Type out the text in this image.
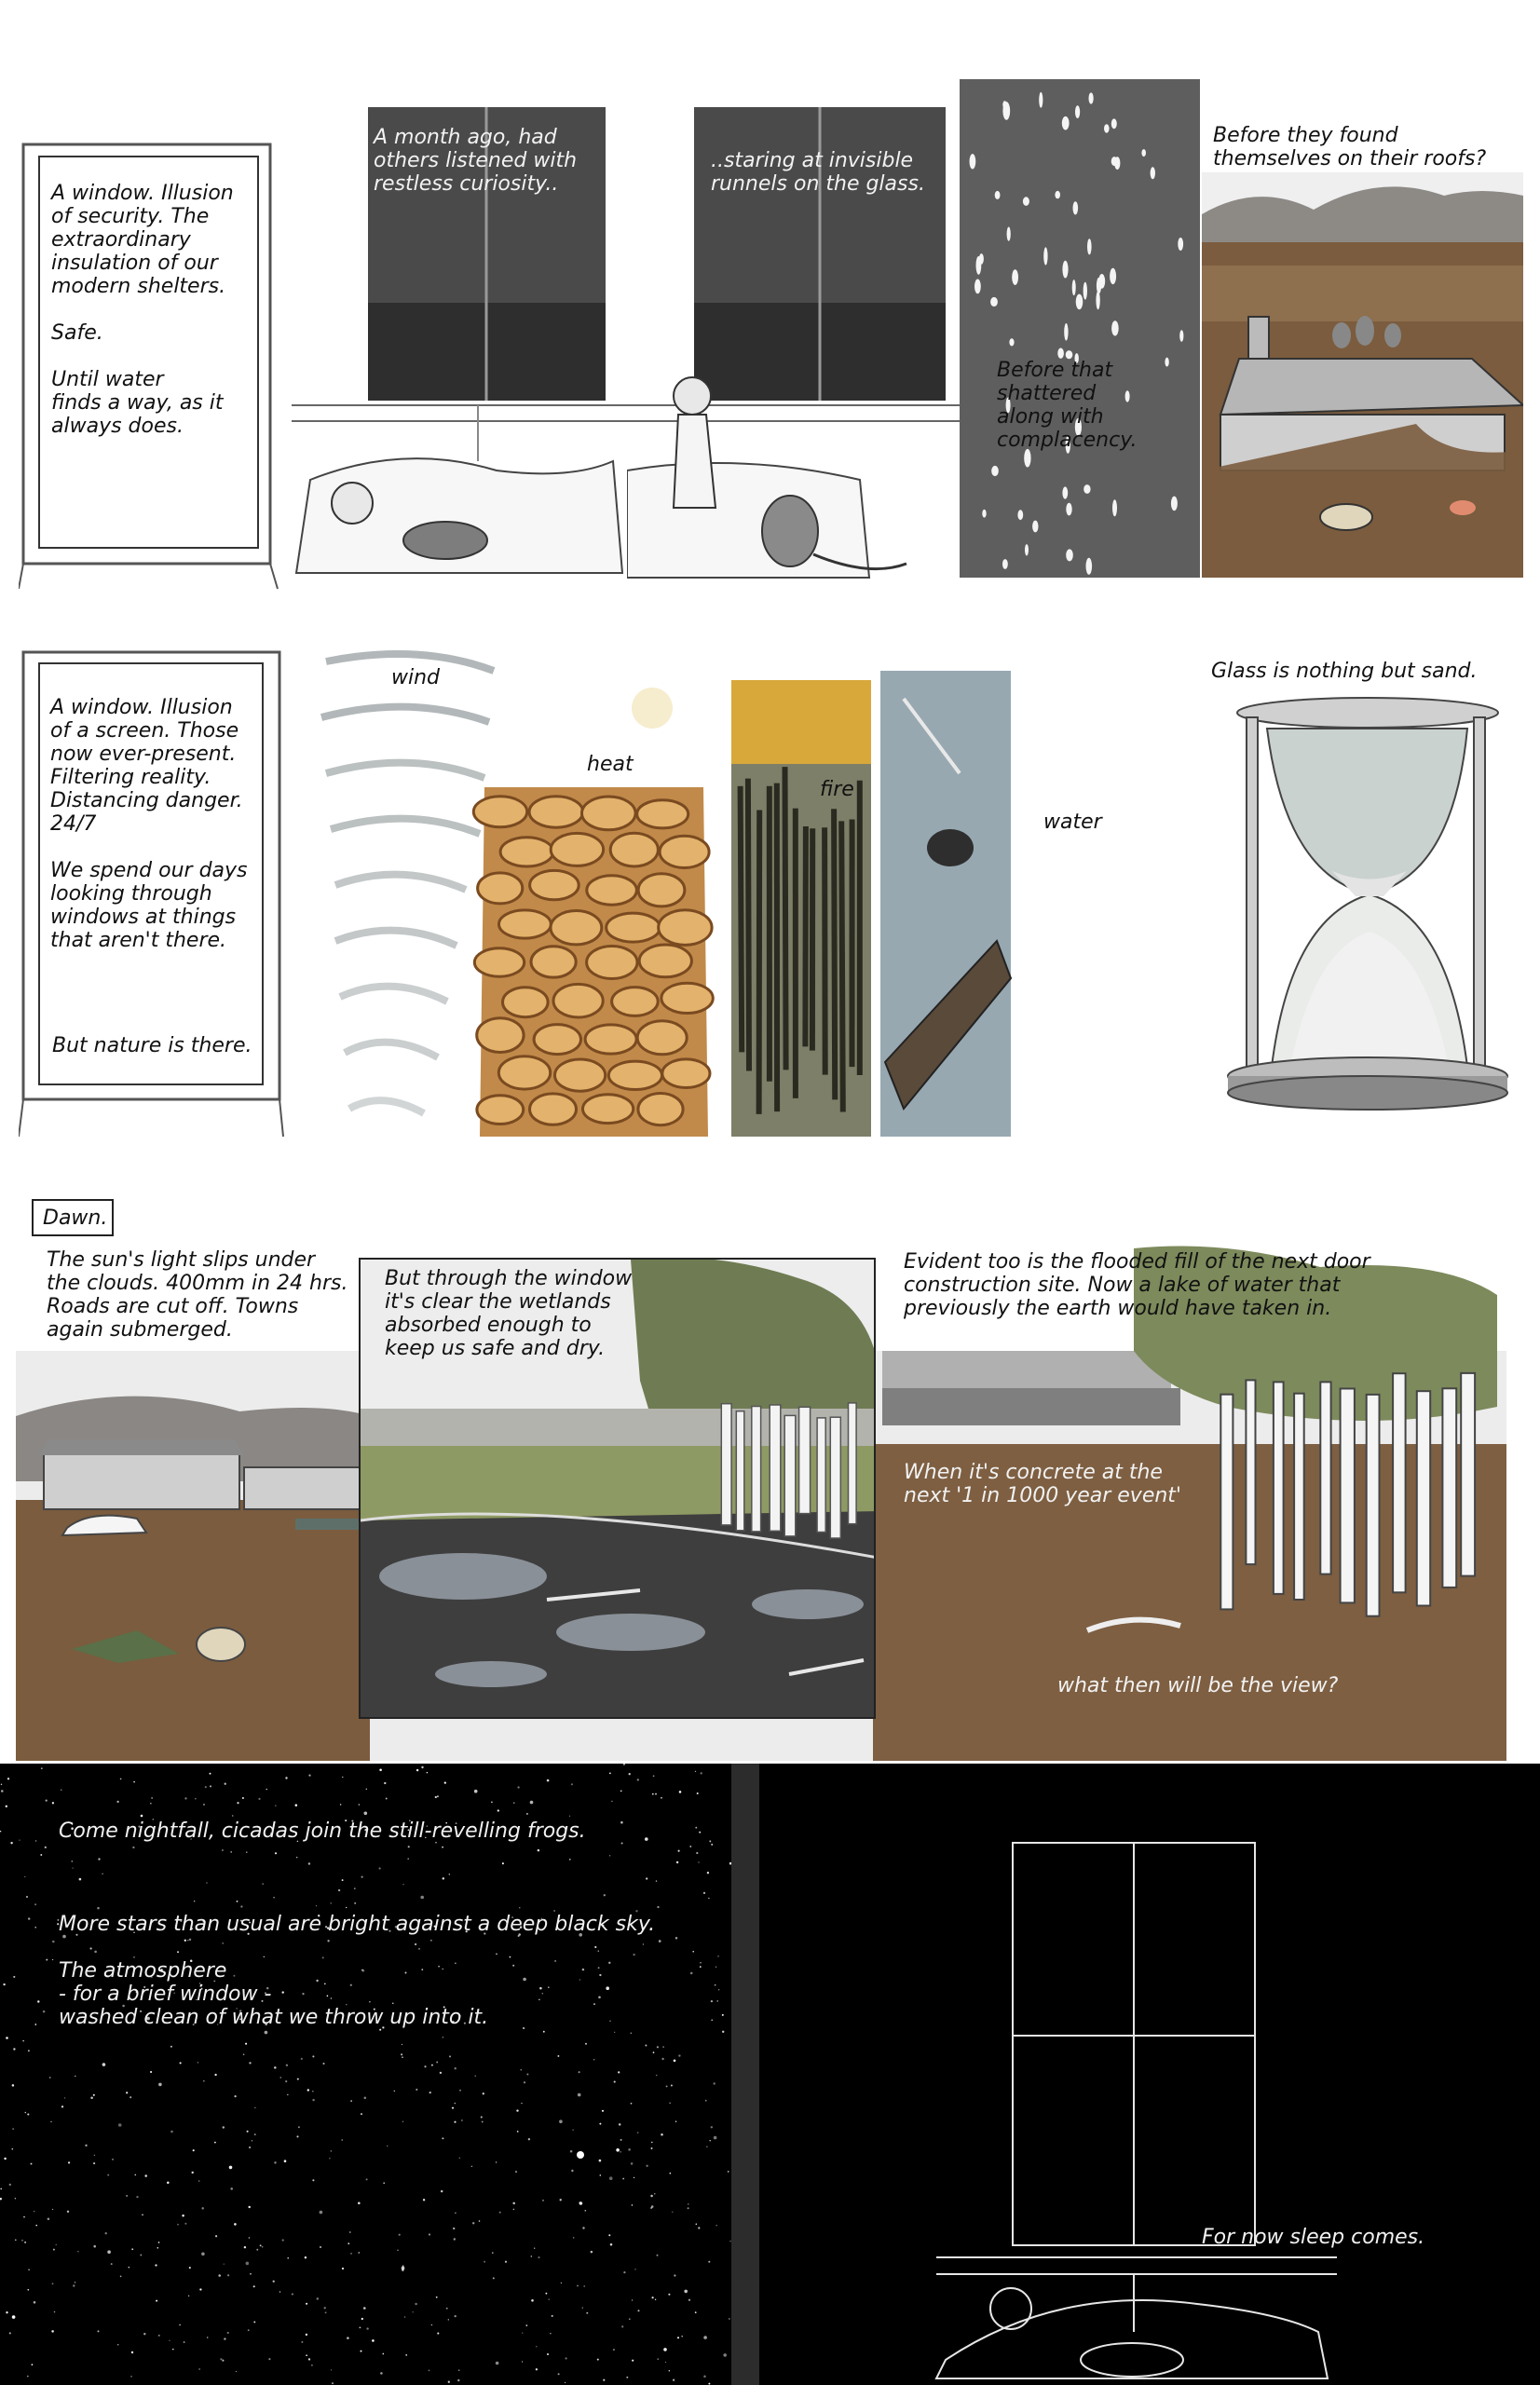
A window. Illusion
of security. The
extraordinary
insulation of our
modern shelters.

Safe.

Until water
finds a way, as it
always does.

A month ago, had
others listened with
restless curiosity..

..staring at invisible
runnels on the glass.

Before that
shattered
along with
complacency.

Before they found
themselves on their roofs?

A window. Illusion
of a screen. Those
now ever-present.
Filtering reality.
Distancing danger.
24/7

We spend our days
looking through
windows at things
that aren't there.

But nature is there.

wind

heat

fire

water

Glass is nothing but sand.

Dawn.

The sun's light slips under
the clouds. 400mm in 24 hrs.
Roads are cut off. Towns
again submerged.

But through the window
it's clear the wetlands
absorbed enough to
keep us safe and dry.

Evident too is the flooded fill of the next door
construction site. Now a lake of water that
previously the earth would have taken in.

When it's concrete at the
next '1 in 1000 year event'

what then will be the view?

Come nightfall, cicadas join the still-revelling frogs.

More stars than usual are bright against a deep black sky.

The atmosphere
- for a brief window -
washed clean of what we throw up into it.

For now sleep comes.
